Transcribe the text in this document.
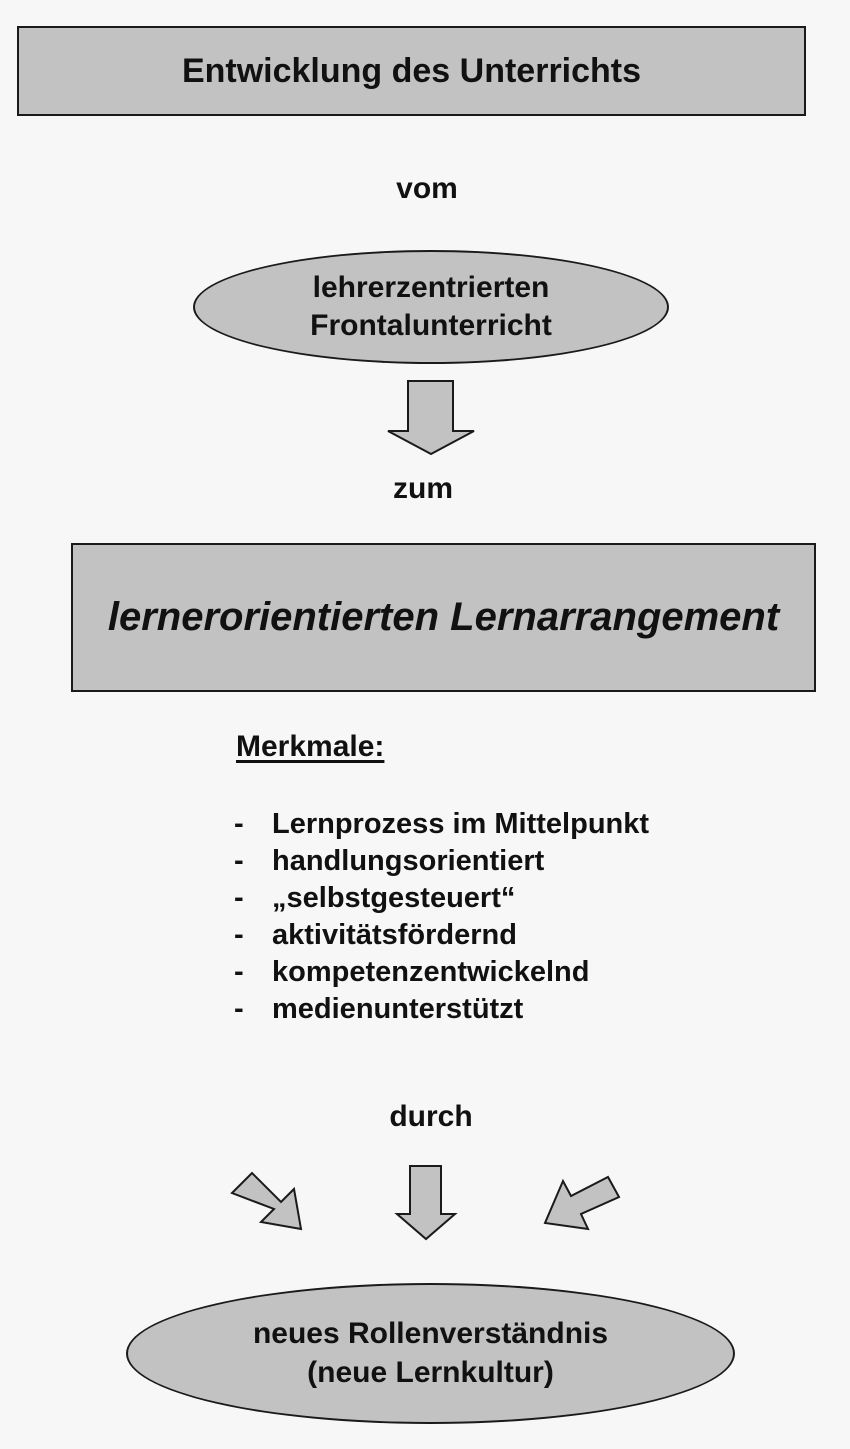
Entwicklung des Unterrichts
vom
lehrerzentrierten
Frontalunterricht
zum
lernerorientierten Lernarrangement
Merkmale:
- Lernprozess im Mittelpunkt
- handlungsorientiert
- „selbstgesteuert“
- aktivitätsfördernd
- kompetenzentwickelnd
- medienunterstützt
durch
neues Rollenverständnis
(neue Lernkultur)
